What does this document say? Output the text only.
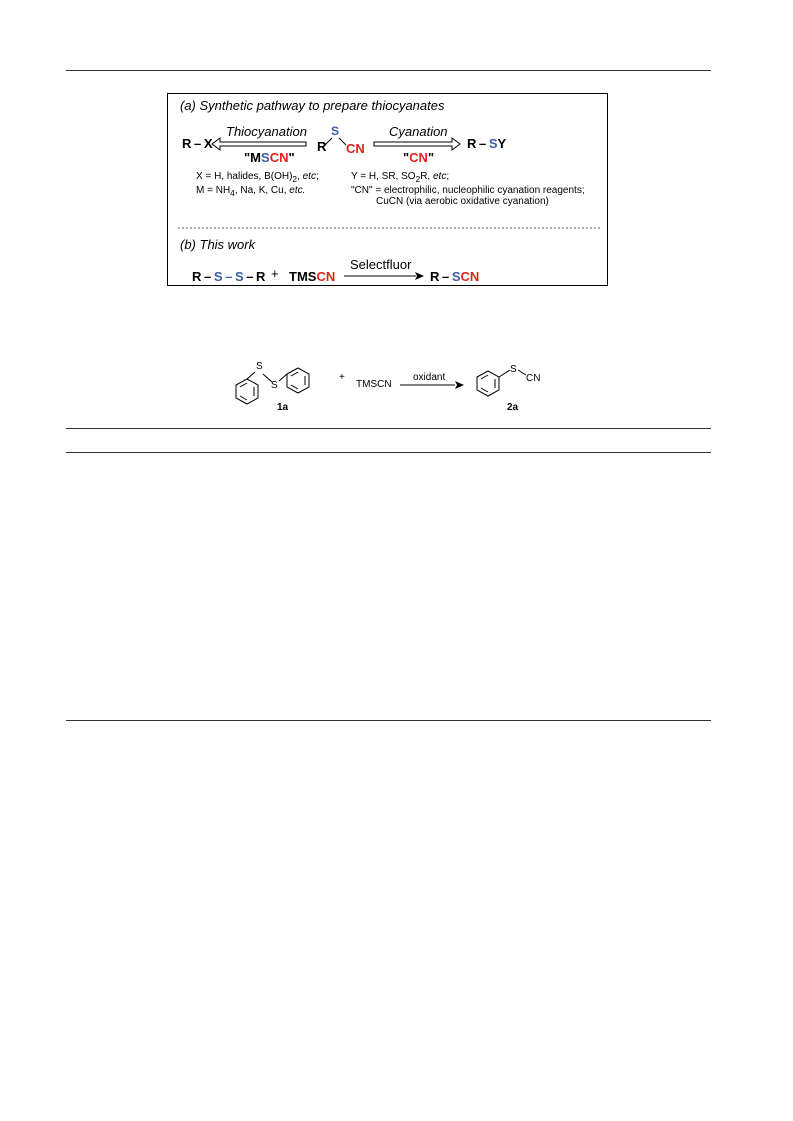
(a) Synthetic pathway to prepare thiocyanates
R – X
Thiocyanation
"MSCN"
R
S
CN
Cyanation
"CN"
R – SY
X = H, halides, $B(OH)_2$, etc;
$M = NH_4$, Na, K, Cu, etc.
Y = H, SR, $SO_2R$, etc;
"CN" = electrophilic, nucleophilic cyanation reagents;
CuCN (via aerobic oxidative cyanation)
(b) This work
R – S – S – R + TMSCN
Selectfluor
R – SCN
S
S
1a
+
TMSCN
oxidant
S
CN
2a
